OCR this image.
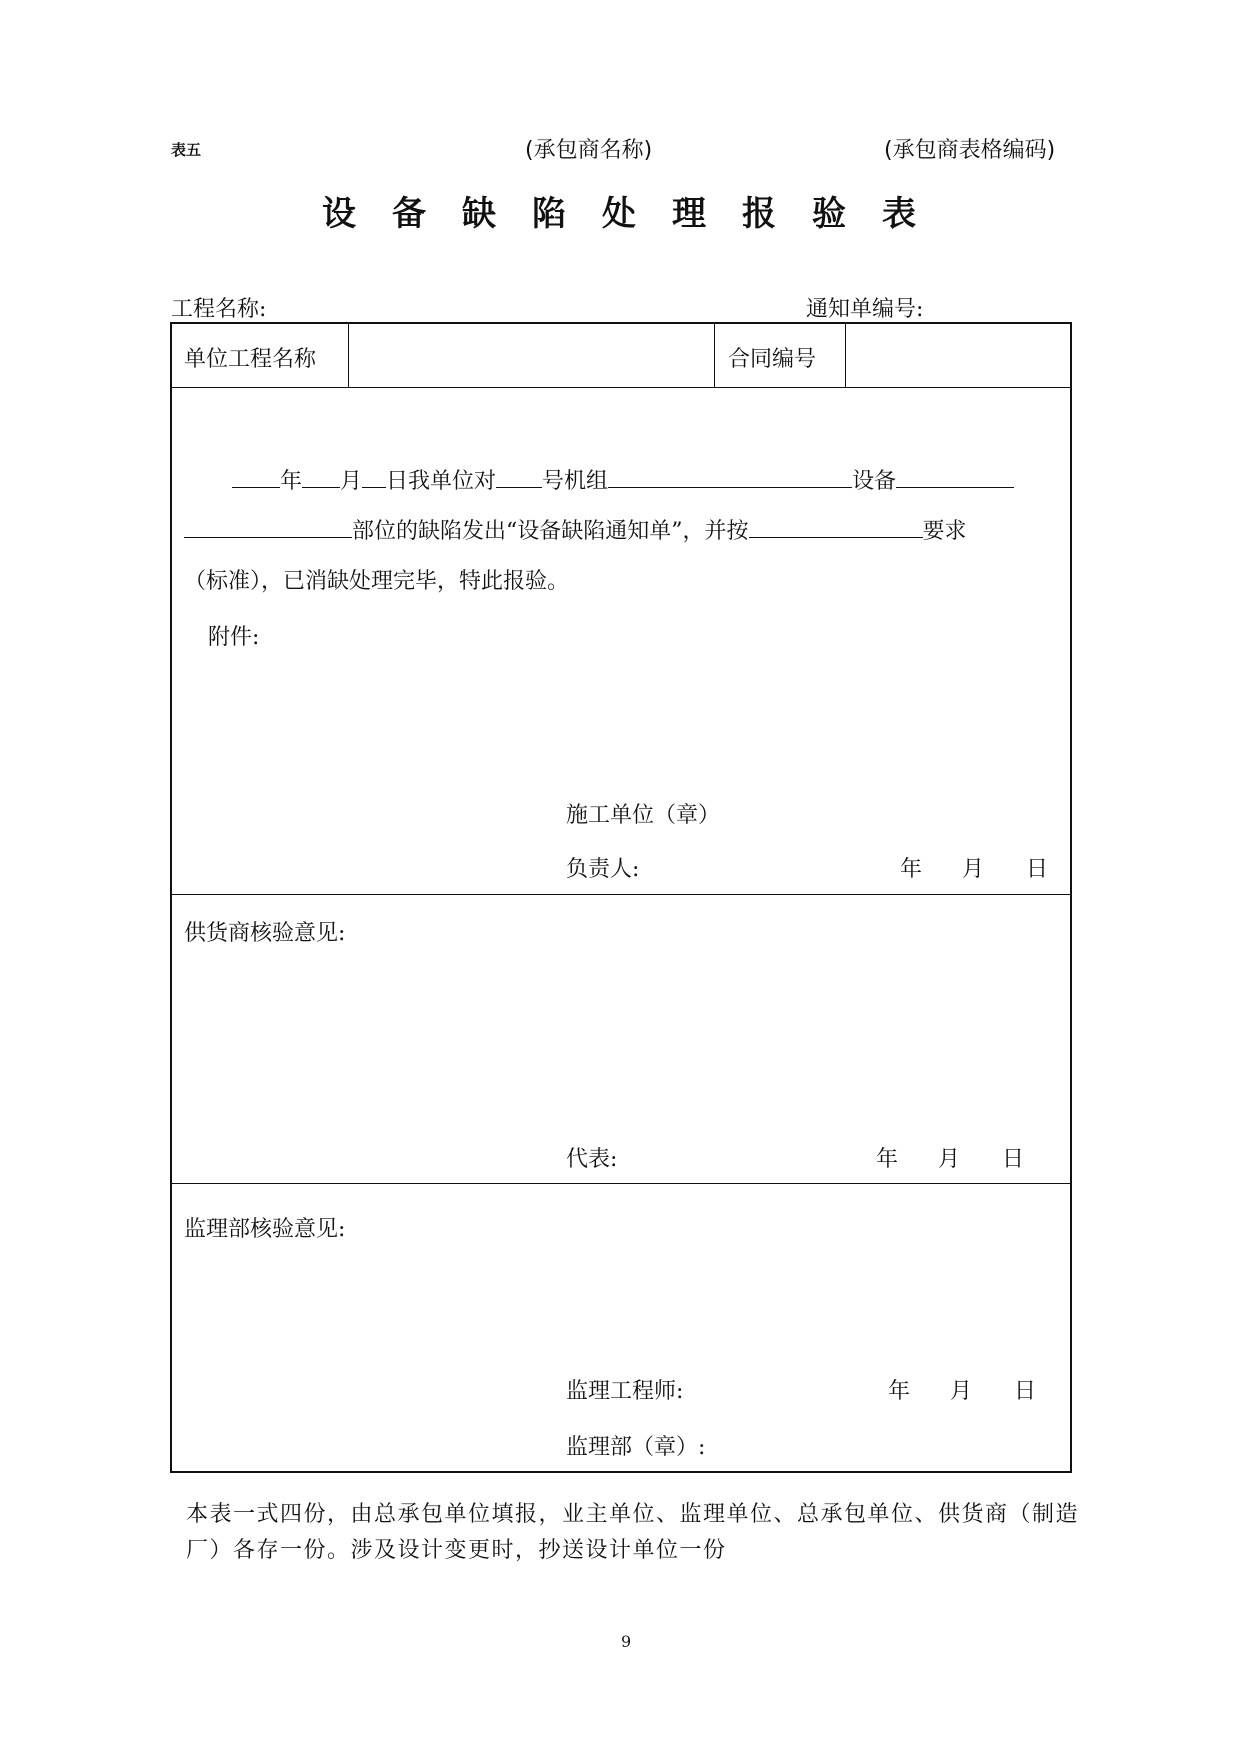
表五	(承包商名称)	(承包商表格编码)
设备缺陷处理报验表
工程名称:	通知单编号:
单位工程名称	合同编号
年 月 日我单位对 号机组	设备
部位的缺陷发出“设备缺陷通知单”，并按	要求
（标准），已消缺处理完毕，特此报验。
附件:
施工单位（章）
负责人:	年 月 日
供货商核验意见:
代表:	年 月 日
监理部核验意见:
监理工程师:	年 月 日
监理部（章）:
本表一式四份，由总承包单位填报，业主单位、监理单位、总承包单位、供货商（制造厂）各存一份。涉及设计变更时，抄送设计单位一份
9
